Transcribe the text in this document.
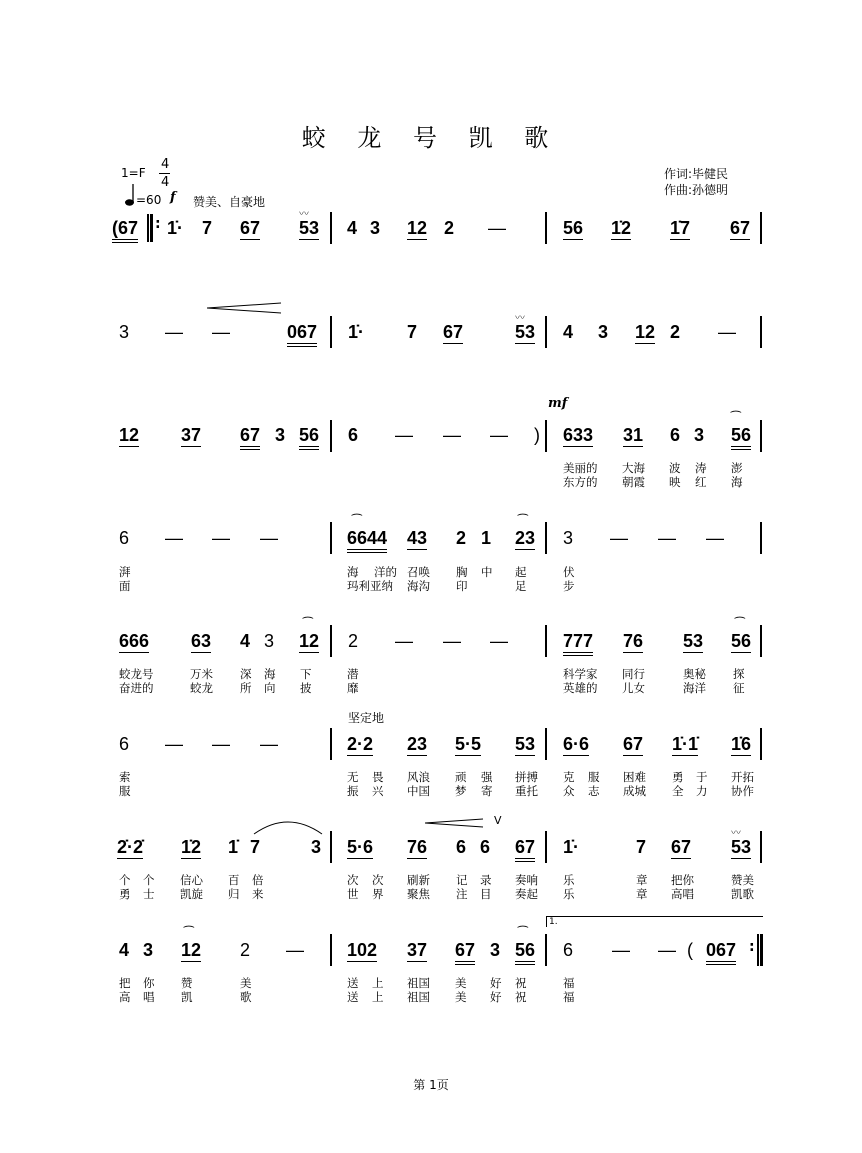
蛟 龙 号 凯 歌
1=F
4
4
=60 f 赞美、自豪地
作词:毕健民
作曲:孙德明
(67 : 1̇· 7 67
〰
53 4 3 12 2 —	56 1̇2 1̇7 67
3 — —	067 1̇· 7 67
〰
53 4 3 12 2 —
mf
12 37 67 3 56 6 — — — ) 633 31 6 3
⁀
56
美丽的 大海 波 涛 澎
东方的 朝霞 映 红 海
6 — — —
⁀
6644 43 2 1
⁀
23 3 — — —
湃	海 洋的 召唤 胸 中 起	伏
面	玛利亚纳 海沟 印	足	步
666 63 4 3
⁀
12 2 — — —	777 76 53
⁀
56
蛟龙号	万米 深 海 下	潜	科学家 同行	奥秘 探
奋进的	蛟龙 所 向 披	靡	英雄的 儿女	海洋 征
坚定地
6 — — —	2·2 23 5·5 53 6·6 67 1̇·1̇ 1̇6
索	无 畏 风浪 顽 强 拼搏 克 服 困难 勇 于 开拓
服	振 兴 中国 梦 寄 重托 众 志 成城 全 力 协作
V
2̇·2̇ 1̇2 1̇ 7	3 5·6 76 6 6 67 1̇·	7 67
〰
53
个 个 信心 百 倍	次 次 刷新 记 录 奏响 乐	章 把你	赞美
勇 士 凯旋 归 来	世 界 聚焦 注 目 奏起 乐	章 高唱	凯歌
1.
4 3
⁀
12 2 — 102 37 67 3
⁀
56 6 — — ( 067 :
把 你 赞	美	送 上 祖国 美 好 祝	福
高 唱 凯	歌	送 上 祖国 美 好 祝	福
第 1页
